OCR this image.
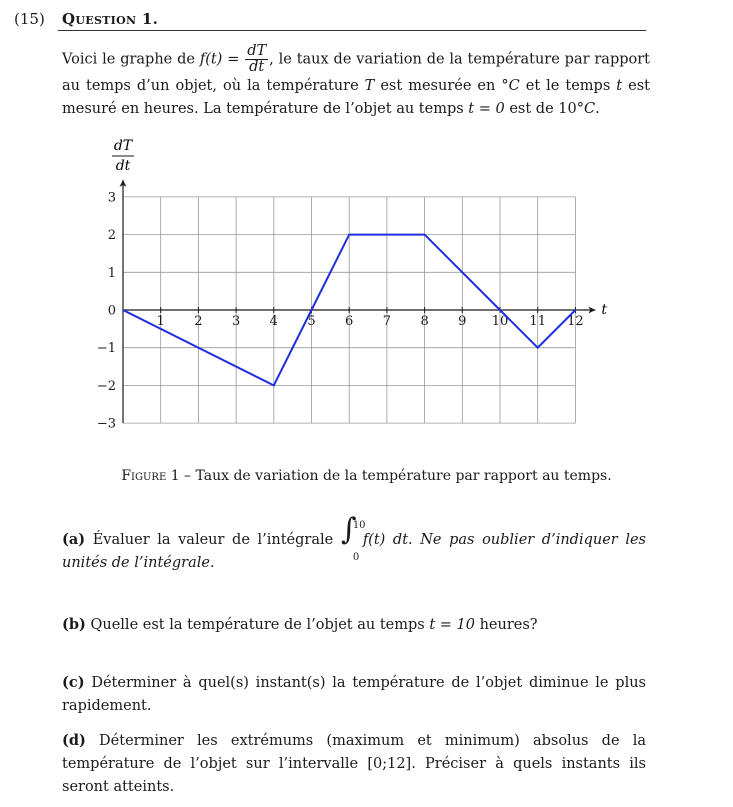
(15) Question 1.
Voici le graphe de $f(t) = \frac{dT}{dt}$ , le taux de variation de la température par rapport au temps d’un objet, où la température T est mesurée en °C et le temps t est mesuré en heures. La température de l’objet au temps t = 0 est de 10°C.
1 2 3 4 5 6 7 8 9 10 11 12
3
2
1
0
−1
−2
−3
dT
dt
t
Figure 1 – Taux de variation de la température par rapport au temps.
(a) Évaluer la valeur de l’intégrale ∫
10
0
f(t) dt. Ne pas oublier d’indiquer les unités de l’intégrale.
(b) Quelle est la température de l’objet au temps t = 10 heures?
(c) Déterminer à quel(s) instant(s) la température de l’objet diminue le plus rapidement.
(d) Déterminer les extrémums (maximum et minimum) absolus de la température de l’objet sur l’intervalle [0;12]. Préciser à quels instants ils seront atteints.
